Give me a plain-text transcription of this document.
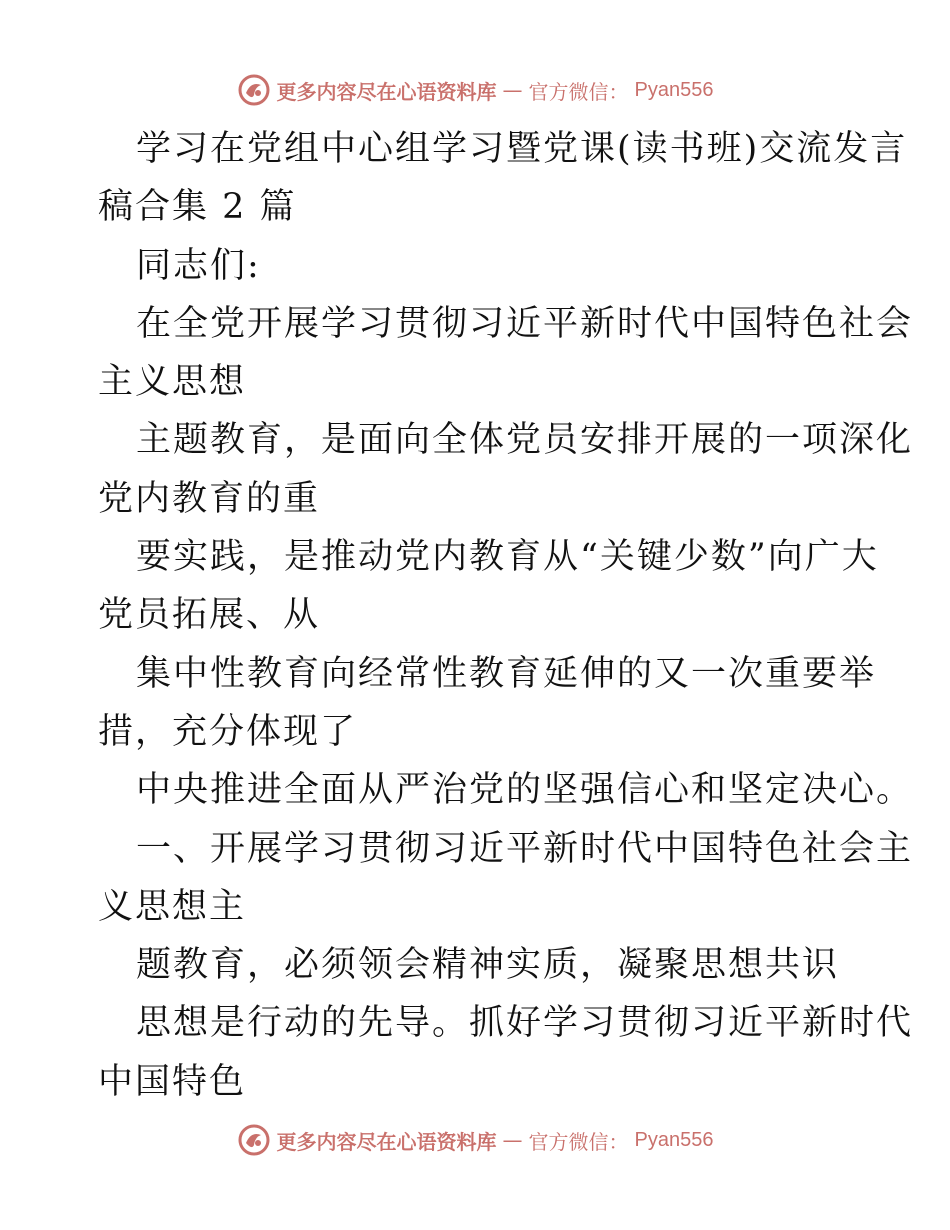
更多内容尽在心语资料库 — 官方微信： Pyan556
学习在党组中心组学习暨党课(读书班)交流发言
稿合集 2 篇
同志们:
在全党开展学习贯彻习近平新时代中国特色社会
主义思想
主题教育，是面向全体党员安排开展的一项深化
党内教育的重
要实践，是推动党内教育从“关键少数”向广大
党员拓展、从
集中性教育向经常性教育延伸的又一次重要举
措，充分体现了
中央推进全面从严治党的坚强信心和坚定决心。
一、开展学习贯彻习近平新时代中国特色社会主
义思想主
题教育，必须领会精神实质，凝聚思想共识
思想是行动的先导。抓好学习贯彻习近平新时代
中国特色
更多内容尽在心语资料库 — 官方微信： Pyan556
